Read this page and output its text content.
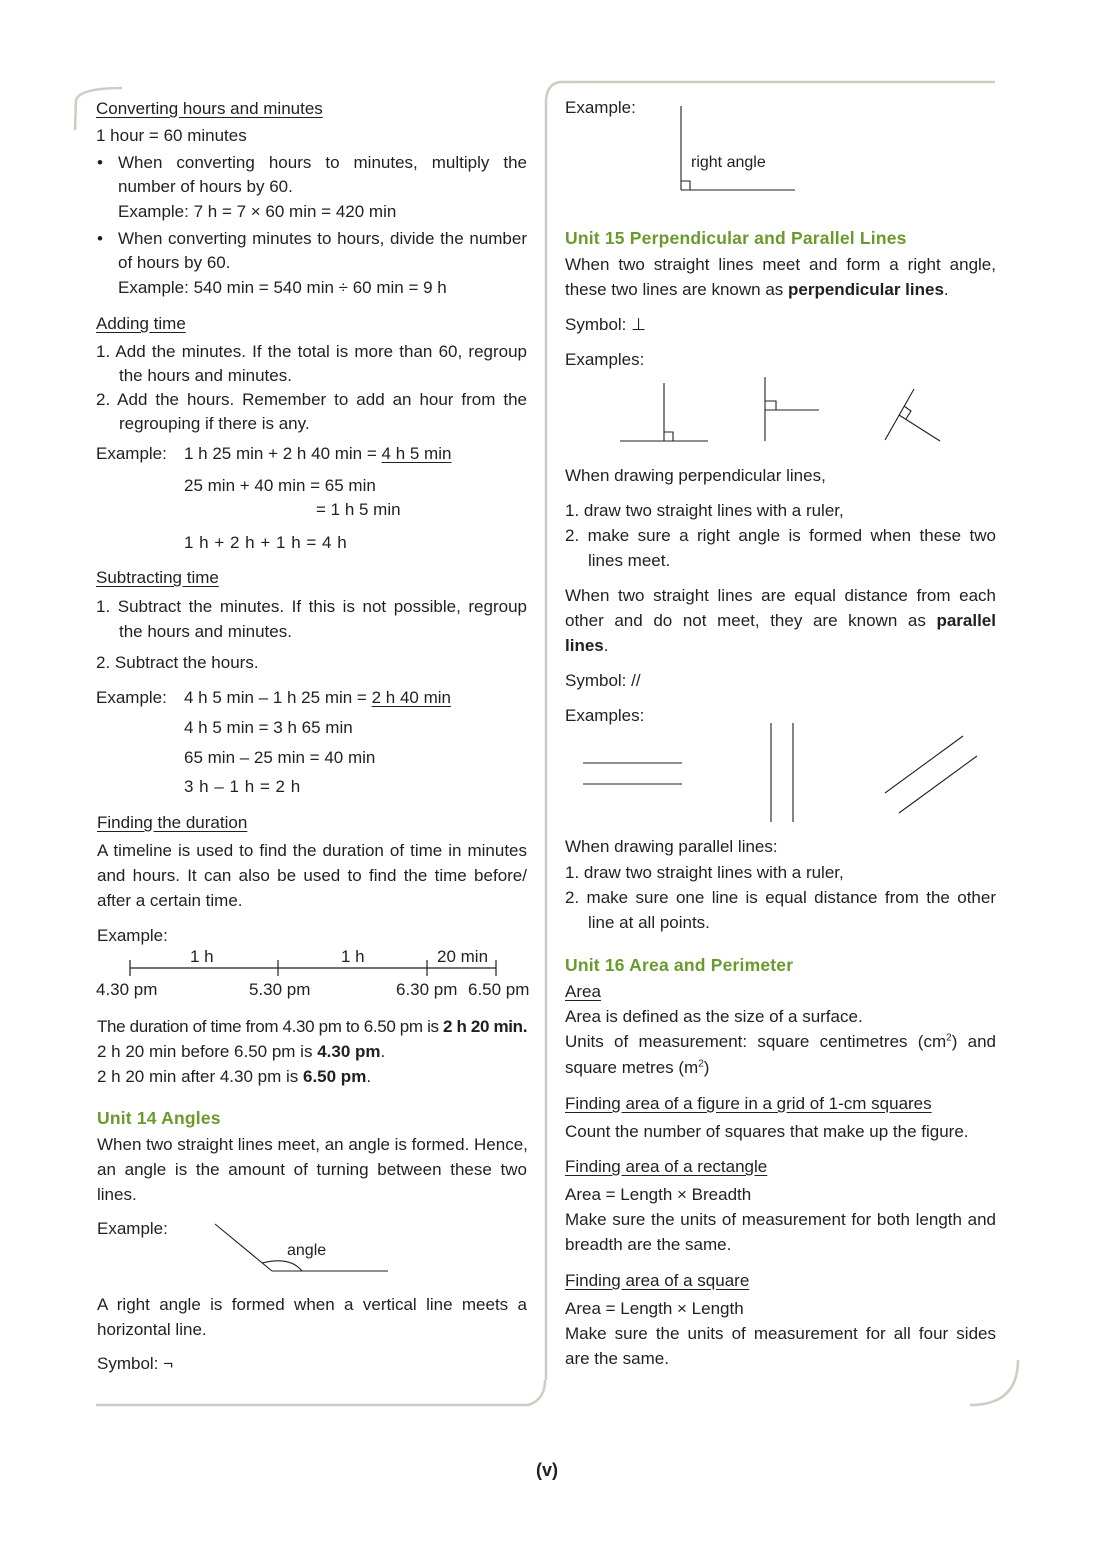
Converting hours and minutes
1 hour = 60 minutes
• When converting hours to minutes, multiply the
number of hours by 60.
Example: 7 h = 7 × 60 min = 420 min
• When converting minutes to hours, divide the number
of hours by 60.
Example: 540 min = 540 min ÷ 60 min = 9 h
Adding time
1. Add the minutes. If the total is more than 60, regroup
the hours and minutes.
2. Add the hours. Remember to add an hour from the
regrouping if there is any.
Example: 1 h 25 min + 2 h 40 min = 4 h 5 min
25 min + 40 min = 65 min
= 1 h 5 min
1 h + 2 h + 1 h = 4 h
Subtracting time
1. Subtract the minutes. If this is not possible, regroup
the hours and minutes.
2. Subtract the hours.
Example: 4 h 5 min – 1 h 25 min = 2 h 40 min
4 h 5 min = 3 h 65 min
65 min – 25 min = 40 min
3 h – 1 h = 2 h
Finding the duration
A timeline is used to find the duration of time in minutes
and hours. It can also be used to find the time before/
after a certain time.
Example:
1 h	1 h	20 min
4.30 pm	5.30 pm	6.30 pm 6.50 pm
The duration of time from 4.30 pm to 6.50 pm is 2 h 20 min.
2 h 20 min before 6.50 pm is 4.30 pm.
2 h 20 min after 4.30 pm is 6.50 pm.
Unit 14 Angles
When two straight lines meet, an angle is formed. Hence,
an angle is the amount of turning between these two
lines.
Example:
angle
A right angle is formed when a vertical line meets a
horizontal line.
Symbol: ¬
Example:
right angle
Unit 15 Perpendicular and Parallel Lines
When two straight lines meet and form a right angle,
these two lines are known as perpendicular lines.
Symbol: ⊥
Examples:
When drawing perpendicular lines,
1. draw two straight lines with a ruler,
2. make sure a right angle is formed when these two
lines meet.
When two straight lines are equal distance from each
other and do not meet, they are known as parallel
lines.
Symbol: //
Examples:
When drawing parallel lines:
1. draw two straight lines with a ruler,
2. make sure one line is equal distance from the other
line at all points.
Unit 16 Area and Perimeter
Area
Area is defined as the size of a surface.
Units of measurement: square centimetres $(cm^2)$ and
square metres $(m^2)$
Finding area of a figure in a grid of 1-cm squares
Count the number of squares that make up the figure.
Finding area of a rectangle
Area = Length × Breadth
Make sure the units of measurement for both length and
breadth are the same.
Finding area of a square
Area = Length × Length
Make sure the units of measurement for all four sides
are the same.
(v)
